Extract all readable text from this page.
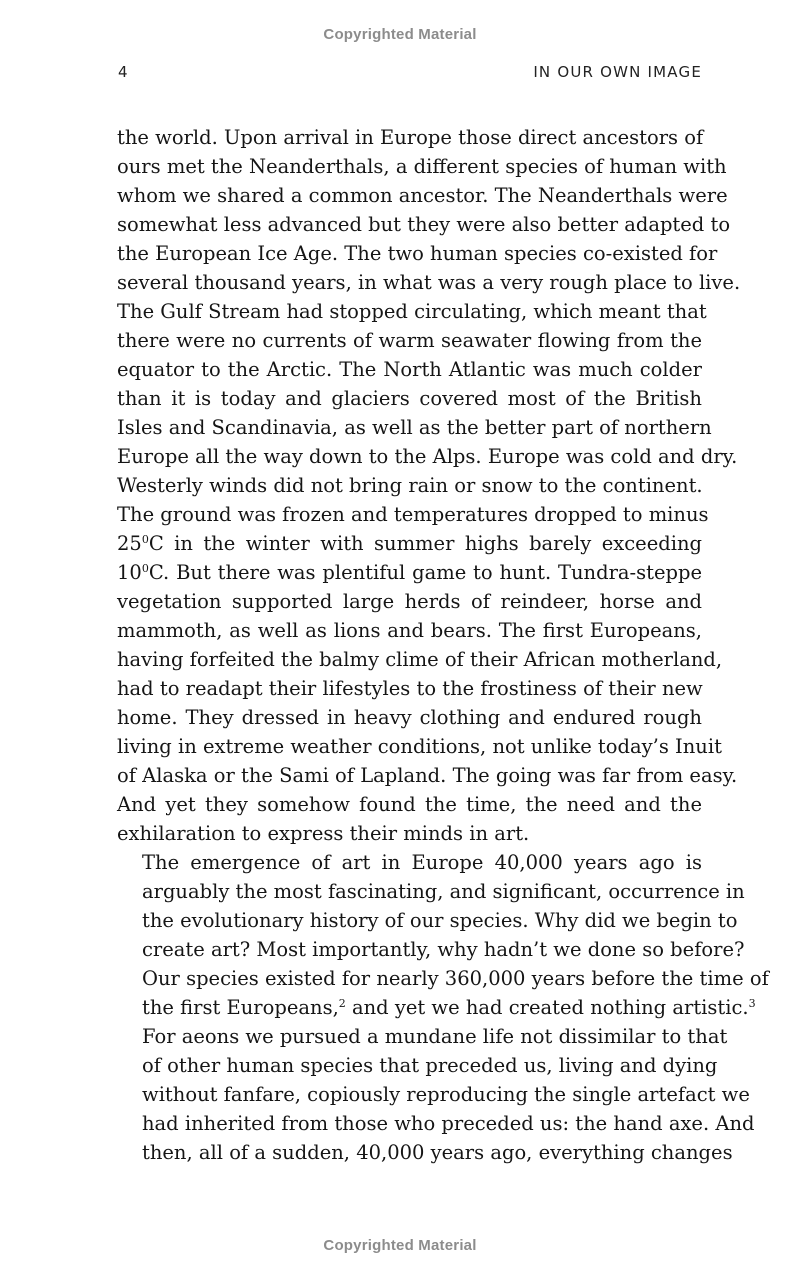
Copyrighted Material
4	IN OUR OWN IMAGE

the world. Upon arrival in Europe those direct ancestors of
ours met the Neanderthals, a different species of human with
whom we shared a common ancestor. The Neanderthals were
somewhat less advanced but they were also better adapted to
the European Ice Age. The two human species co-existed for
several thousand years, in what was a very rough place to live.
The Gulf Stream had stopped circulating, which meant that
there were no currents of warm seawater flowing from the
equator to the Arctic. The North Atlantic was much colder
than it is today and glaciers covered most of the British
Isles and Scandinavia, as well as the better part of northern
Europe all the way down to the Alps. Europe was cold and dry.
Westerly winds did not bring rain or snow to the continent.
The ground was frozen and temperatures dropped to minus
$25^0C$ in the winter with summer highs barely exceeding
$10^0C$. But there was plentiful game to hunt. Tundra-steppe
vegetation supported large herds of reindeer, horse and
mammoth, as well as lions and bears. The first Europeans,
having forfeited the balmy clime of their African motherland,
had to readapt their lifestyles to the frostiness of their new
home. They dressed in heavy clothing and endured rough
living in extreme weather conditions, not unlike today’s Inuit
of Alaska or the Sami of Lapland. The going was far from easy.
And yet they somehow found the time, the need and the
exhilaration to express their minds in art.

The emergence of art in Europe 40,000 years ago is
arguably the most fascinating, and significant, occurrence in
the evolutionary history of our species. Why did we begin to
create art? Most importantly, why hadn’t we done so before?
Our species existed for nearly 360,000 years before the time of
the first Europeans,$^2$ and yet we had created nothing artistic.$^3$
For aeons we pursued a mundane life not dissimilar to that
of other human species that preceded us, living and dying
without fanfare, copiously reproducing the single artefact we
had inherited from those who preceded us: the hand axe. And
then, all of a sudden, 40,000 years ago, everything changes

Copyrighted Material
